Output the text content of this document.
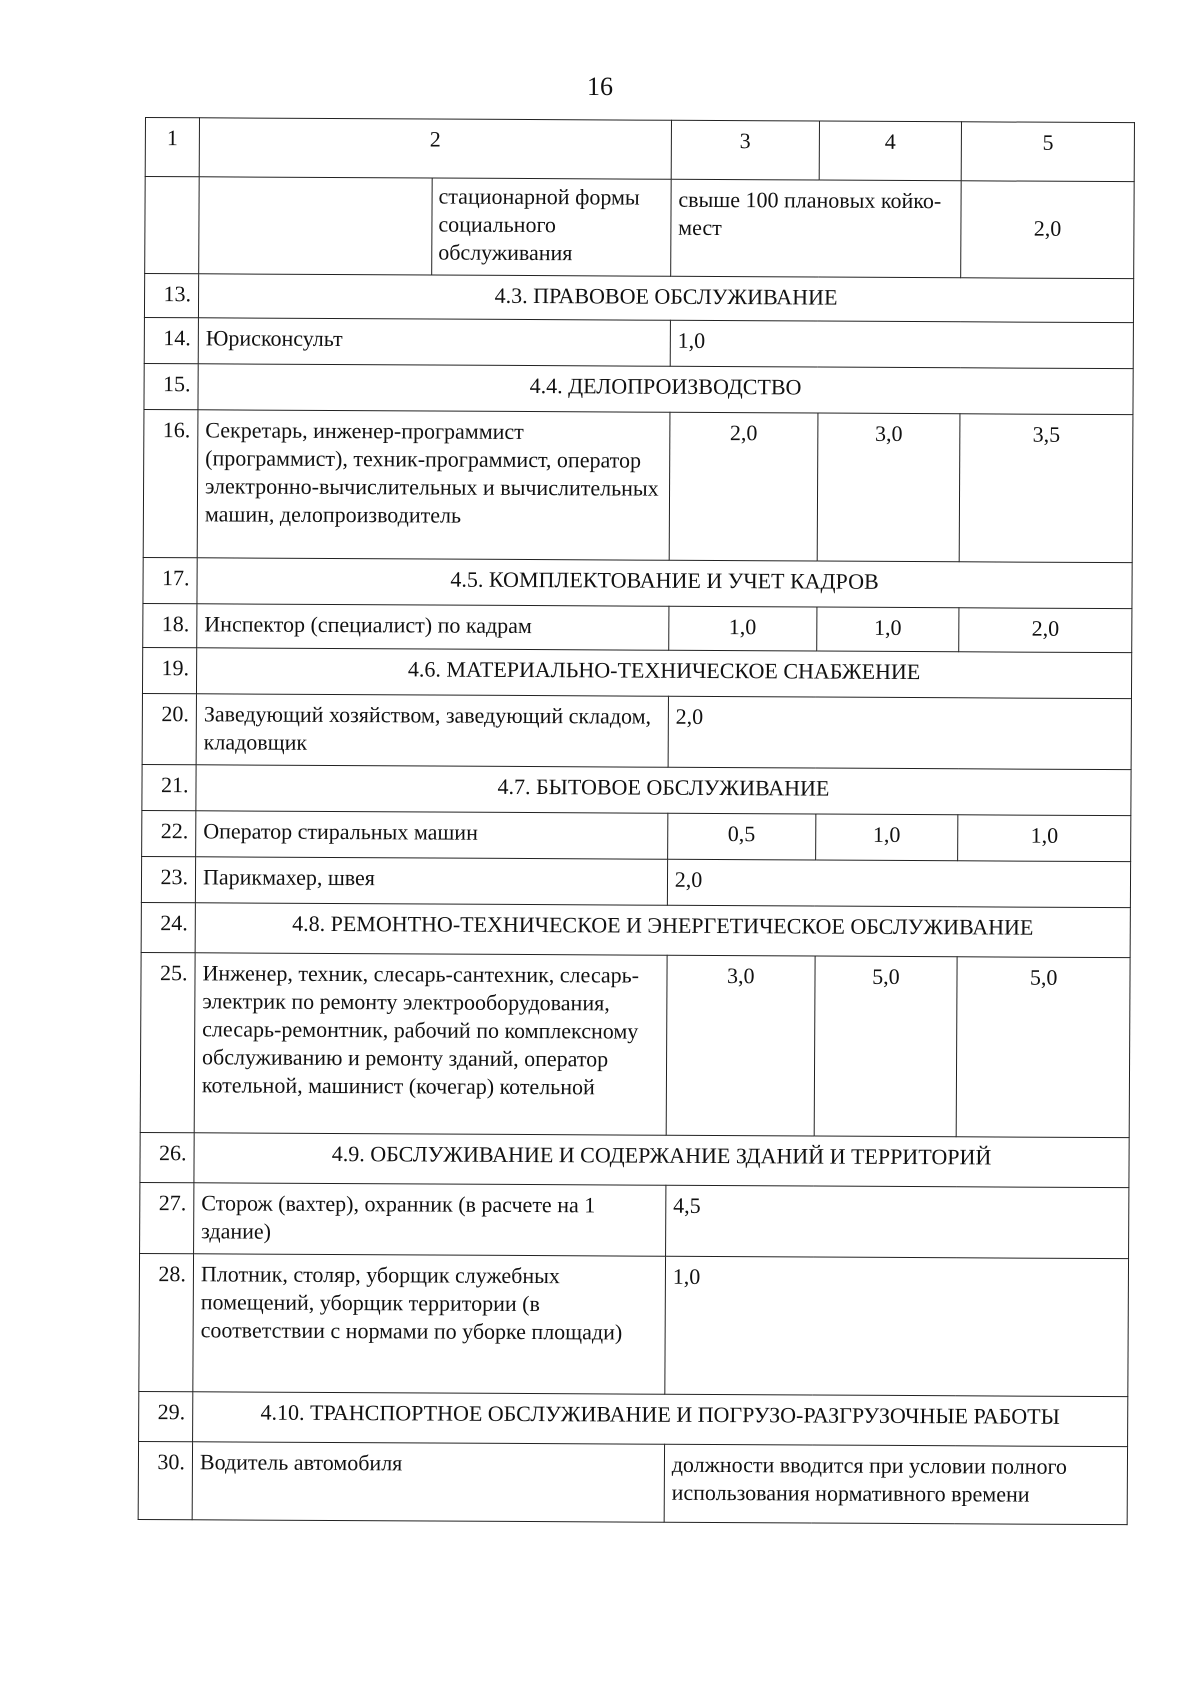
16
1	2	3	4	5

	стационарной формы социального обслуживания	свыше 100 плановых койко-мест		2,0
13.	4.3. ПРАВОВОЕ ОБСЛУЖИВАНИЕ			
14.	Юрисконсульт	1,0		
15.	4.4. ДЕЛОПРОИЗВОДСТВО			
16.	Секретарь, инженер-программист (программист), техник-программист, оператор электронно-вычислительных и вычислительных машин, делопроизводитель	2,0	3,0	3,5
17.	4.5. КОМПЛЕКТОВАНИЕ И УЧЕТ КАДРОВ			
18.	Инспектор (специалист) по кадрам	1,0	1,0	2,0
19.	4.6. МАТЕРИАЛЬНО-ТЕХНИЧЕСКОЕ СНАБЖЕНИЕ			
20.	Заведующий хозяйством, заведующий складом, кладовщик	2,0		
21.	4.7. БЫТОВОЕ ОБСЛУЖИВАНИЕ			
22.	Оператор стиральных машин	0,5	1,0	1,0
23.	Парикмахер, швея	2,0		
24.	4.8. РЕМОНТНО-ТЕХНИЧЕСКОЕ И ЭНЕРГЕТИЧЕСКОЕ ОБСЛУЖИВАНИЕ			
25.	Инженер, техник, слесарь-сантехник, слесарь-электрик по ремонту электрооборудования, слесарь-ремонтник, рабочий по комплексному обслуживанию и ремонту зданий, оператор котельной, машинист (кочегар) котельной	3,0	5,0	5,0
26.	4.9. ОБСЛУЖИВАНИЕ И СОДЕРЖАНИЕ ЗДАНИЙ И ТЕРРИТОРИЙ			
27.	Сторож (вахтер), охранник (в расчете на 1 здание)	4,5		
28.	Плотник, столяр, уборщик служебных помещений, уборщик территории (в соответствии с нормами по уборке площади)	1,0		
29.	4.10. ТРАНСПОРТНОЕ ОБСЛУЖИВАНИЕ И ПОГРУЗО-РАЗГРУЗОЧНЫЕ РАБОТЫ			
30.	Водитель автомобиля	должности вводится при условии полного использования нормативного времени		
